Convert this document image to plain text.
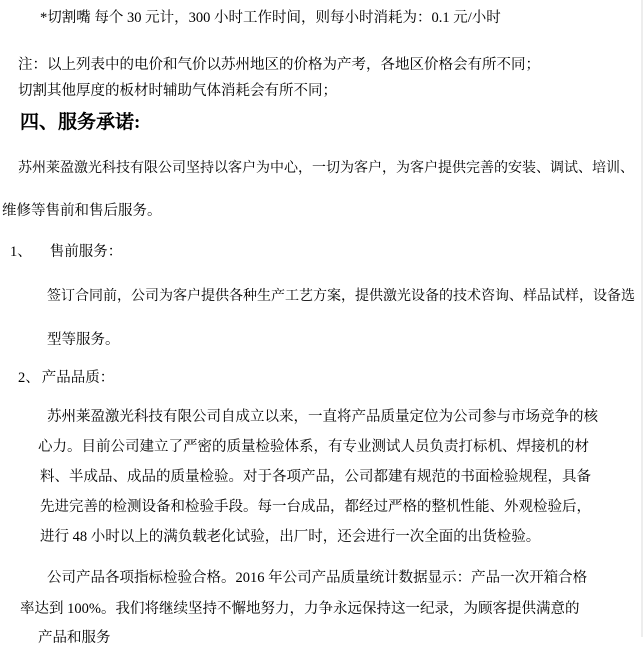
*切割嘴 每个 30 元计，300 小时工作时间，则每小时消耗为：0.1 元/小时
注：以上列表中的电价和气价以苏州地区的价格为产考，各地区价格会有所不同；
切割其他厚度的板材时辅助气体消耗会有所不同；
四、服务承诺:
苏州莱盈激光科技有限公司坚持以客户为中心，一切为客户，为客户提供完善的安装、调试、培训、
维修等售前和售后服务。
1、 售前服务：
签订合同前，公司为客户提供各种生产工艺方案，提供激光设备的技术咨询、样品试样，设备选
型等服务。
2、 产品品质：
苏州莱盈激光科技有限公司自成立以来，一直将产品质量定位为公司参与市场竞争的核
心力。目前公司建立了严密的质量检验体系，有专业测试人员负责打标机、焊接机的材
料、半成品、成品的质量检验。对于各项产品，公司都建有规范的书面检验规程，具备
先进完善的检测设备和检验手段。每一台成品，都经过严格的整机性能、外观检验后，
进行 48 小时以上的满负载老化试验，出厂时，还会进行一次全面的出货检验。
公司产品各项指标检验合格。2016 年公司产品质量统计数据显示：产品一次开箱合格
率达到 100%。我们将继续坚持不懈地努力，力争永远保持这一纪录，为顾客提供满意的
产品和服务
